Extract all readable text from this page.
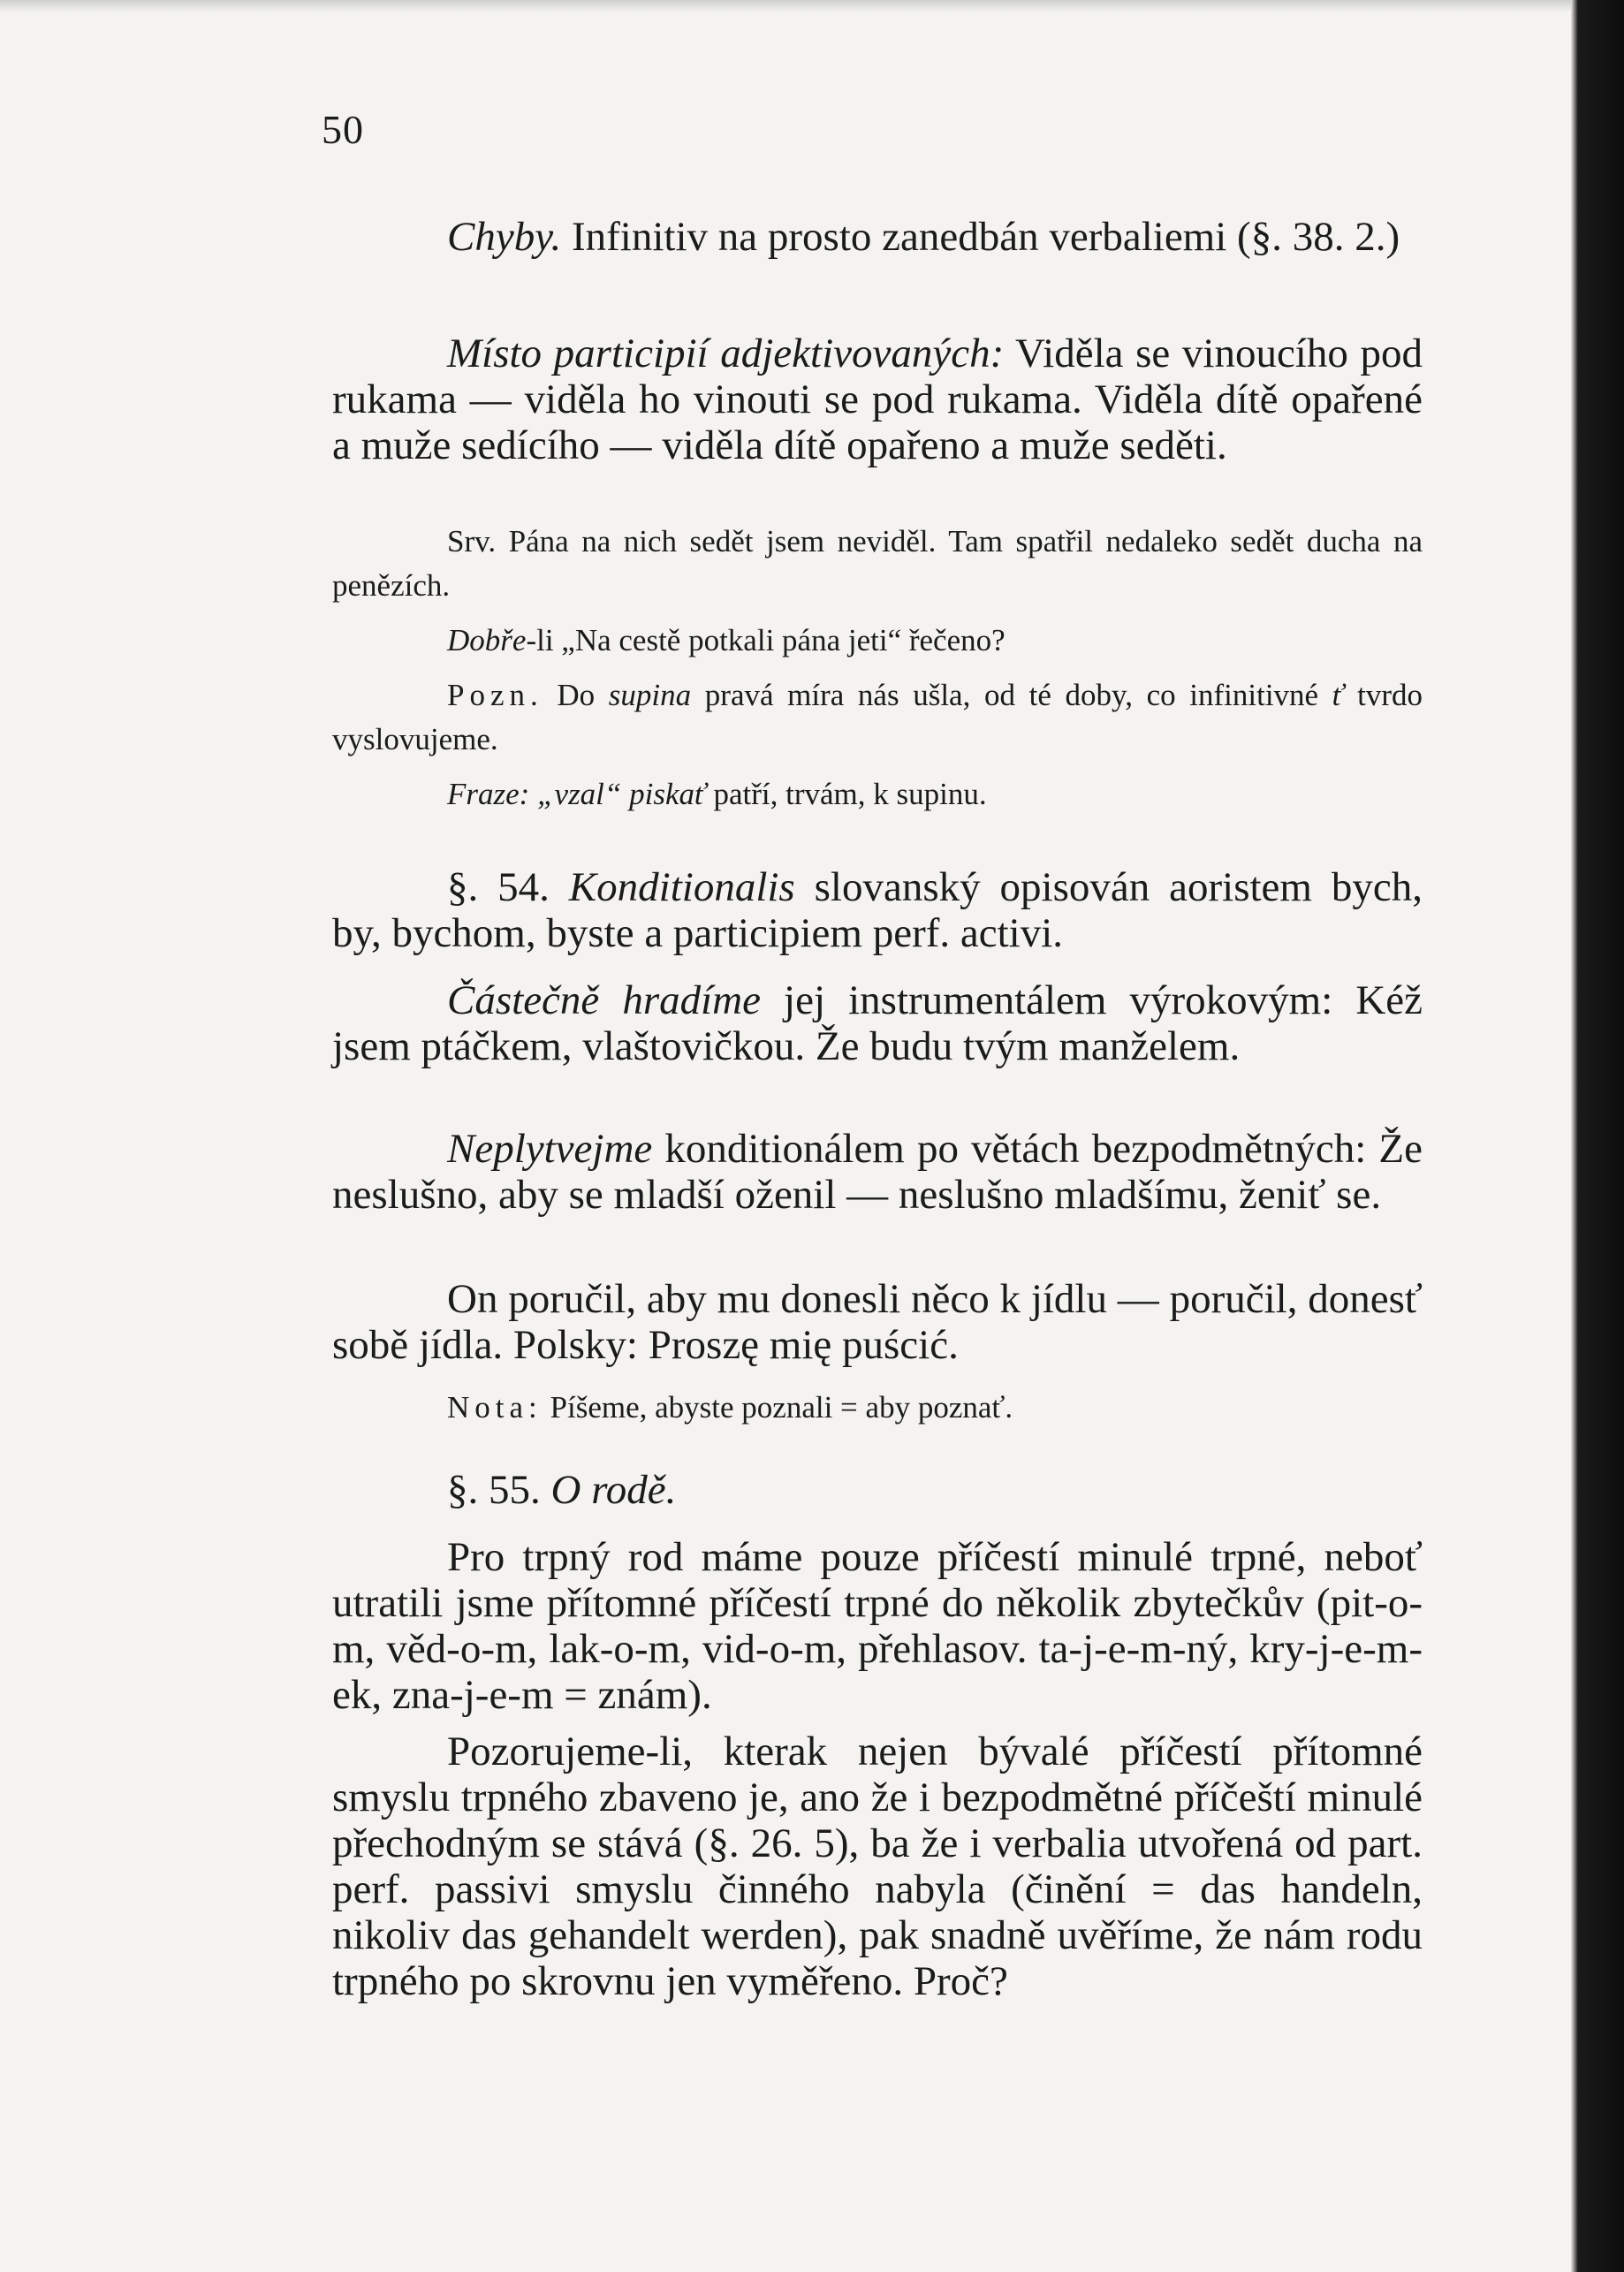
50

Chyby. Infinitiv na prosto zanedbán verbaliemi (§. 38. 2.)

Místo participií adjektivovaných: Viděla se vinoucího pod rukama — viděla ho vinouti se pod rukama. Viděla dítě opařené a muže sedícího — viděla dítě opařeno a muže seděti.

Srv. Pána na nich sedět jsem neviděl. Tam spatřil nedaleko sedět ducha na penězích.

Dobře-li „Na cestě potkali pána jeti“ řečeno?

Pozn. Do supina pravá míra nás ušla, od té doby, co infinitivné ť tvrdo vyslovujeme.

Fraze: „vzal“ piskať patří, trvám, k supinu.

§. 54. Konditionalis slovanský opisován aoristem bych, by, bychom, byste a participiem perf. activi.

Částečně hradíme jej instrumentálem výrokovým: Kéž jsem ptáčkem, vlaštovičkou. Že budu tvým manželem.

Neplytvejme konditionálem po větách bezpodmětných: Že neslušno, aby se mladší oženil — neslušno mladšímu, ženiť se.

On poručil, aby mu donesli něco k jídlu — poručil, donesť sobě jídla. Polsky: Proszę mię puścić.

Nota: Píšeme, abyste poznali = aby poznať.

§. 55. O rodě.

Pro trpný rod máme pouze příčestí minulé trpné, neboť utratili jsme přítomné příčestí trpné do několik zbytečkův (pit-o-m, věd-o-m, lak-o-m, vid-o-m, přehlasov. ta-j-e-m-ný, kry-j-e-m-ek, zna-j-e-m = znám).

Pozorujeme-li, kterak nejen bývalé příčestí přítomné smyslu trpného zbaveno je, ano že i bezpodmětné příčeští minulé přechodným se stává (§. 26. 5), ba že i verbalia utvořená od part. perf. passivi smyslu činného nabyla (činění = das handeln, nikoliv das gehandelt werden), pak snadně uvěříme, že nám rodu trpného po skrovnu jen vyměřeno. Proč?
